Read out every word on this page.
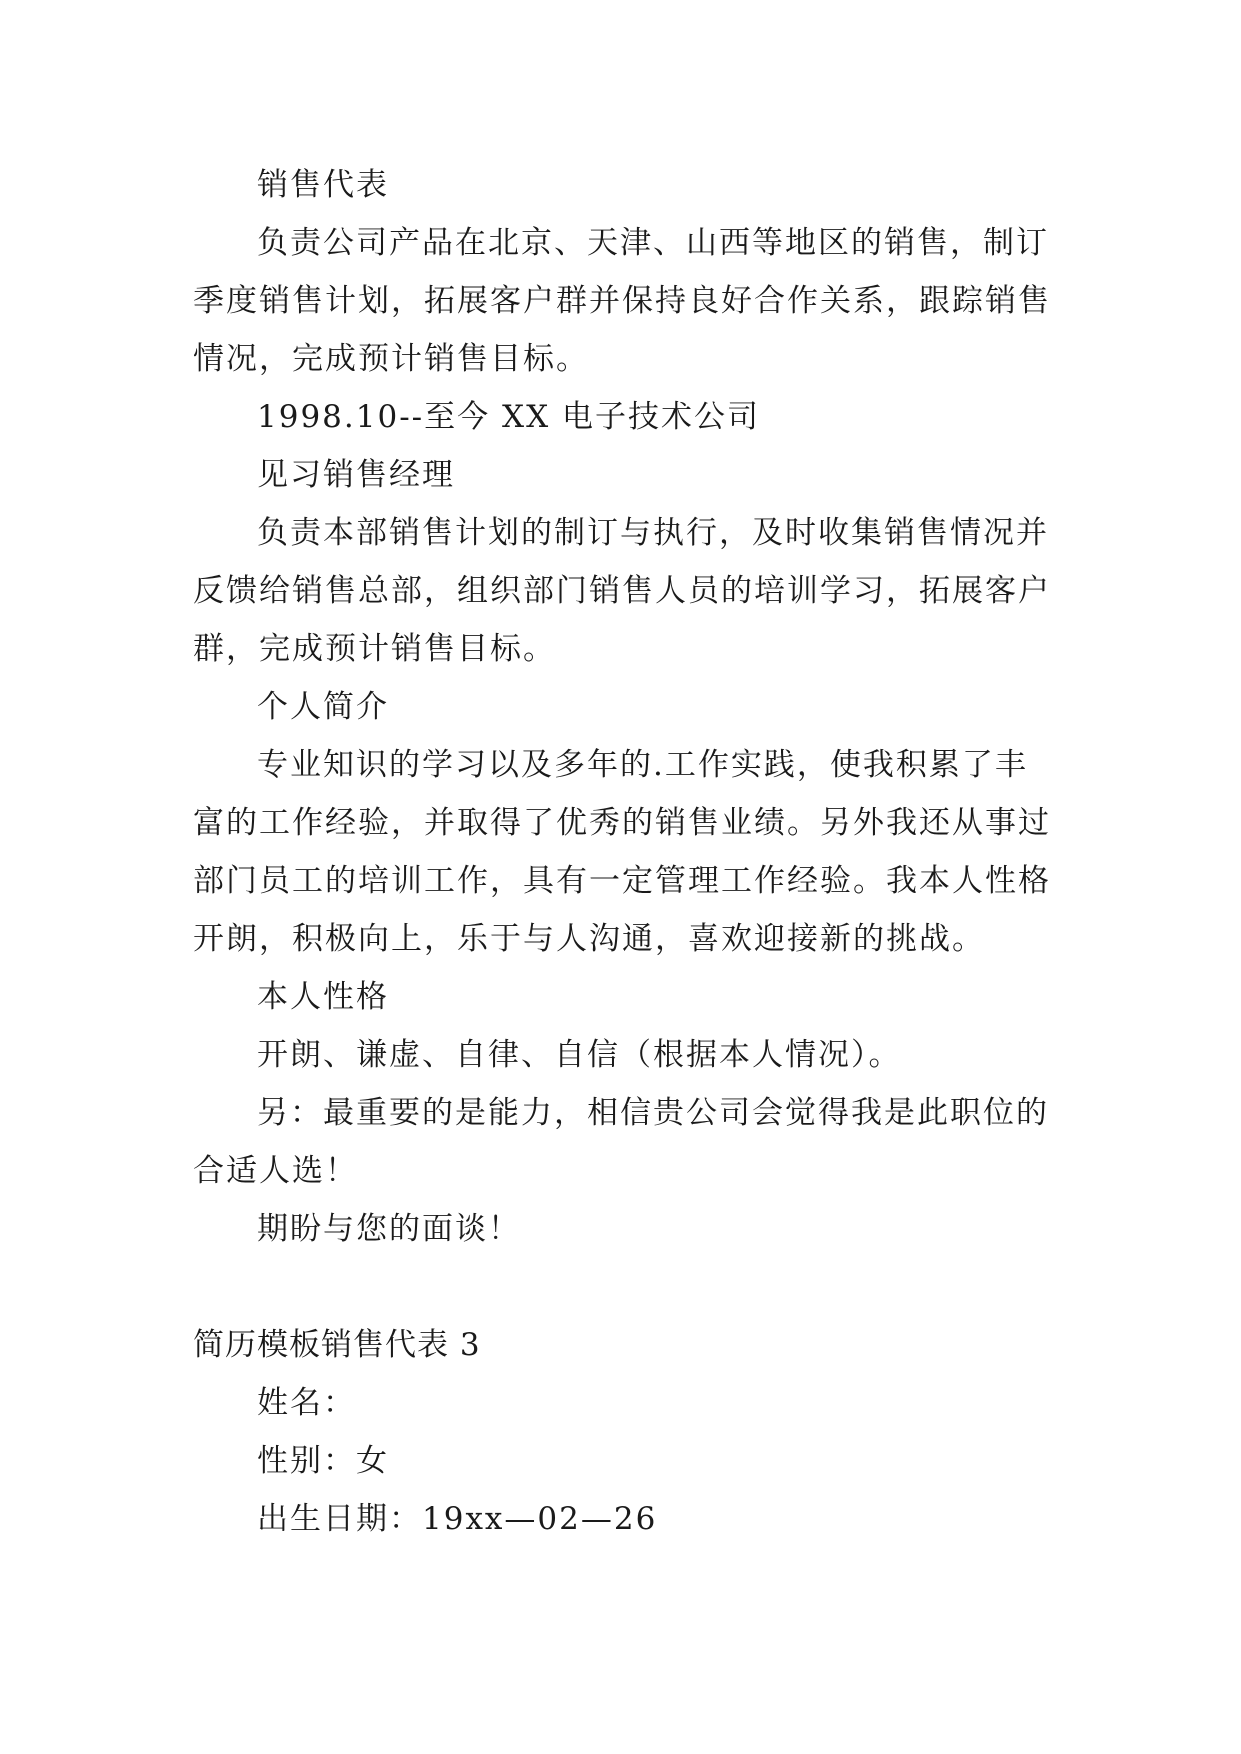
销售代表
负责公司产品在北京、天津、山西等地区的销售，制订
季度销售计划，拓展客户群并保持良好合作关系，跟踪销售
情况，完成预计销售目标。
1998.10--至今 XX 电子技术公司
见习销售经理
负责本部销售计划的制订与执行，及时收集销售情况并
反馈给销售总部，组织部门销售人员的培训学习，拓展客户
群，完成预计销售目标。
个人简介
专业知识的学习以及多年的.工作实践，使我积累了丰
富的工作经验，并取得了优秀的销售业绩。另外我还从事过
部门员工的培训工作，具有一定管理工作经验。我本人性格
开朗，积极向上，乐于与人沟通，喜欢迎接新的挑战。
本人性格
开朗、谦虚、自律、自信（根据本人情况）。
另：最重要的是能力，相信贵公司会觉得我是此职位的
合适人选！
期盼与您的面谈！
简历模板销售代表 3
姓名：
性别：女
出生日期：19xx—02—26
